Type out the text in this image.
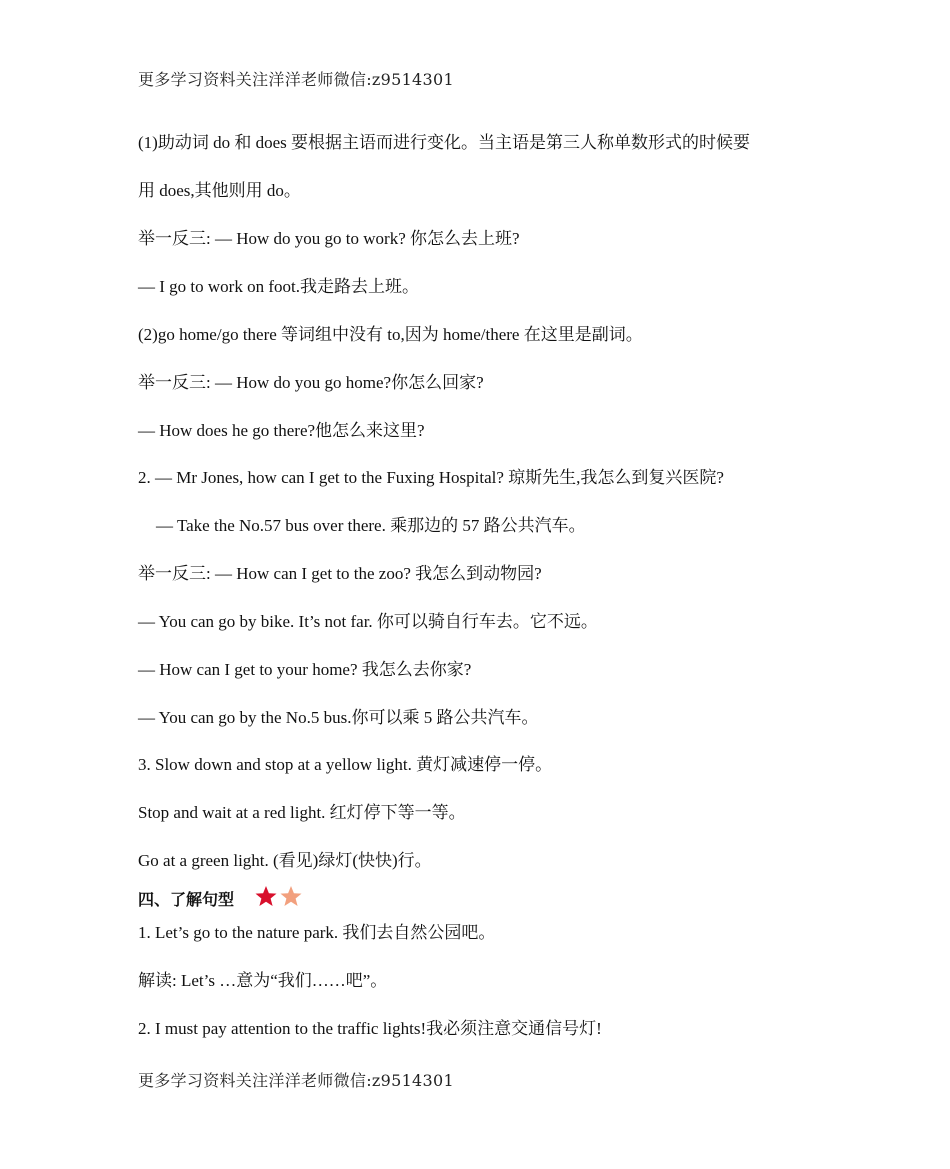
更多学习资料关注洋洋老师微信:z9514301
(1)助动词 do 和 does 要根据主语而进行变化。当主语是第三人称单数形式的时候要
用 does,其他则用 do。
举一反三: — How do you go to work? 你怎么去上班?
— I go to work on foot.我走路去上班。
(2)go home/go there 等词组中没有 to,因为 home/there 在这里是副词。
举一反三: — How do you go home?你怎么回家?
— How does he go there?他怎么来这里?
2. — Mr Jones, how can I get to the Fuxing Hospital? 琼斯先生,我怎么到复兴医院?
— Take the No.57 bus over there. 乘那边的 57 路公共汽车。
举一反三: — How can I get to the zoo? 我怎么到动物园?
— You can go by bike. It’s not far. 你可以骑自行车去。它不远。
— How can I get to your home? 我怎么去你家?
— You can go by the No.5 bus.你可以乘 5 路公共汽车。
3. Slow down and stop at a yellow light. 黄灯减速停一停。
Stop and wait at a red light. 红灯停下等一等。
Go at a green light. (看见)绿灯(快快)行。
四、了解句型
1. Let’s go to the nature park. 我们去自然公园吧。
解读: Let’s …意为“我们……吧”。
2. I must pay attention to the traffic lights!我必须注意交通信号灯!
更多学习资料关注洋洋老师微信:z9514301
